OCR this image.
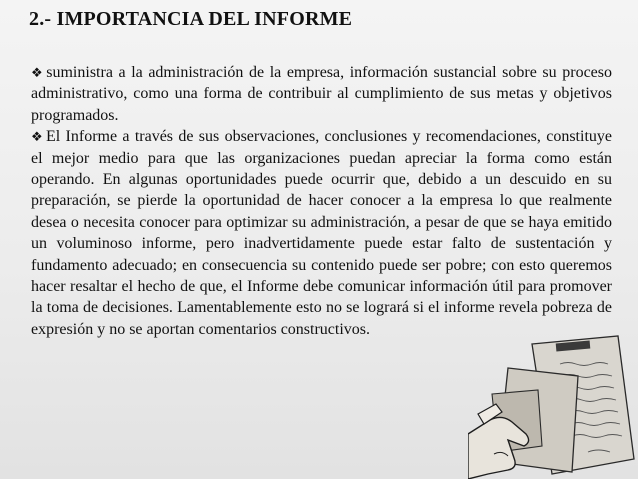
2.- IMPORTANCIA DEL INFORME

❖ suministra a la administración de la empresa, información sustancial sobre su proceso administrativo, como una forma de contribuir al cumplimiento de sus metas y objetivos programados.

❖ El Informe a través de sus observaciones, conclusiones y recomendaciones, constituye el mejor medio para que las organizaciones puedan apreciar la forma como están operando. En algunas oportunidades puede ocurrir que, debido a un descuido en su preparación, se pierde la oportunidad de hacer conocer a la empresa lo que realmente desea o necesita conocer para optimizar su administración, a pesar de que se haya emitido un voluminoso informe, pero inadvertidamente puede estar falto de sustentación y fundamento adecuado; en consecuencia su contenido puede ser pobre; con esto queremos hacer resaltar el hecho de que, el Informe debe comunicar información útil para promover la toma de decisiones. Lamentablemente esto no se logrará si el informe revela pobreza de expresión y no se aportan comentarios constructivos.
